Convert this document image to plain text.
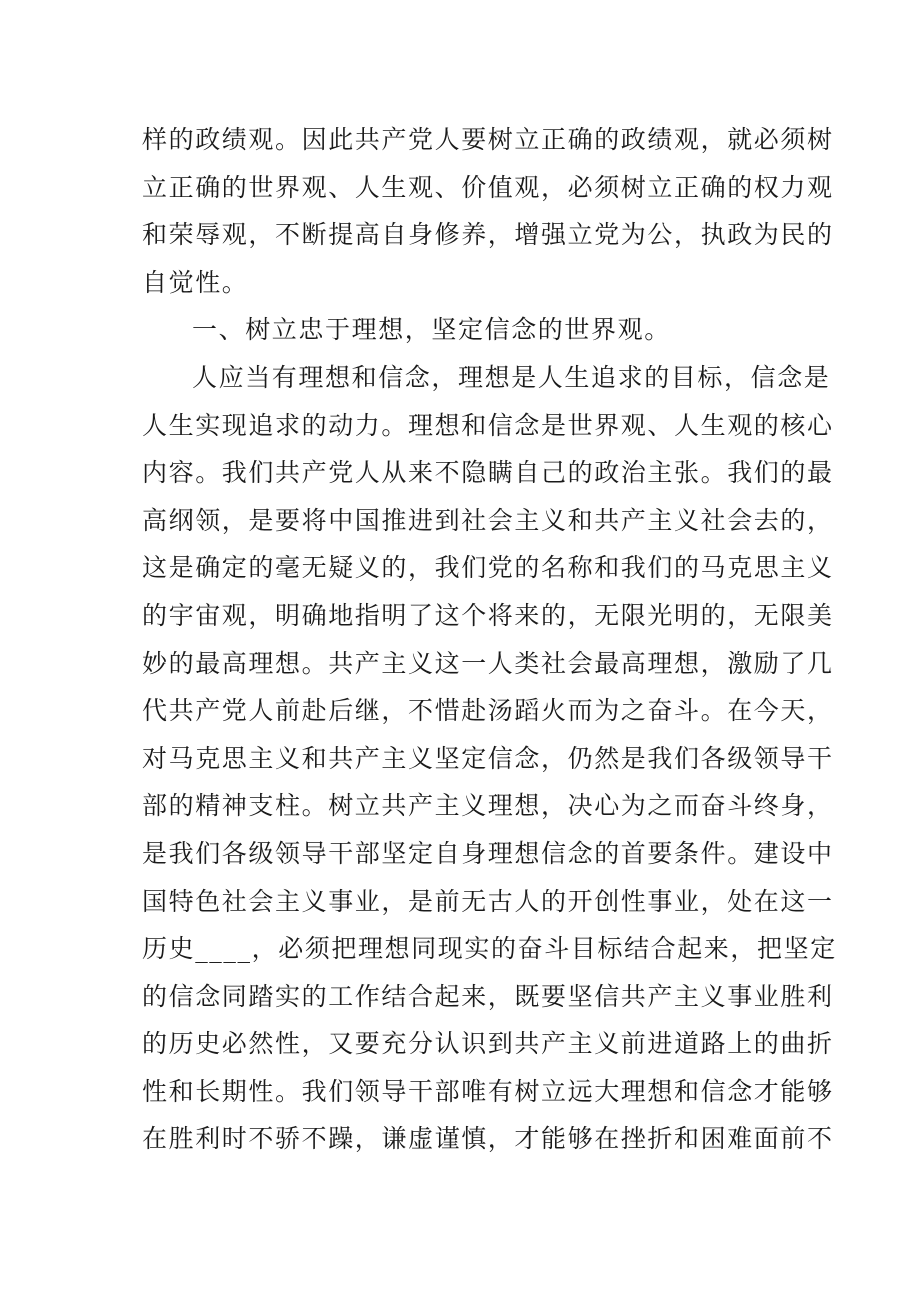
样的政绩观。因此共产党人要树立正确的政绩观，就必须树
立正确的世界观、人生观、价值观，必须树立正确的权力观
和荣辱观，不断提高自身修养，增强立党为公，执政为民的
自觉性。
一、树立忠于理想，坚定信念的世界观。
人应当有理想和信念，理想是人生追求的目标，信念是
人生实现追求的动力。理想和信念是世界观、人生观的核心
内容。我们共产党人从来不隐瞒自己的政治主张。我们的最
高纲领，是要将中国推进到社会主义和共产主义社会去的，
这是确定的毫无疑义的，我们党的名称和我们的马克思主义
的宇宙观，明确地指明了这个将来的，无限光明的，无限美
妙的最高理想。共产主义这一人类社会最高理想，激励了几
代共产党人前赴后继，不惜赴汤蹈火而为之奋斗。在今天，
对马克思主义和共产主义坚定信念，仍然是我们各级领导干
部的精神支柱。树立共产主义理想，决心为之而奋斗终身，
是我们各级领导干部坚定自身理想信念的首要条件。建设中
国特色社会主义事业，是前无古人的开创性事业，处在这一
历史____，必须把理想同现实的奋斗目标结合起来，把坚定
的信念同踏实的工作结合起来，既要坚信共产主义事业胜利
的历史必然性，又要充分认识到共产主义前进道路上的曲折
性和长期性。我们领导干部唯有树立远大理想和信念才能够
在胜利时不骄不躁，谦虚谨慎，才能够在挫折和困难面前不
